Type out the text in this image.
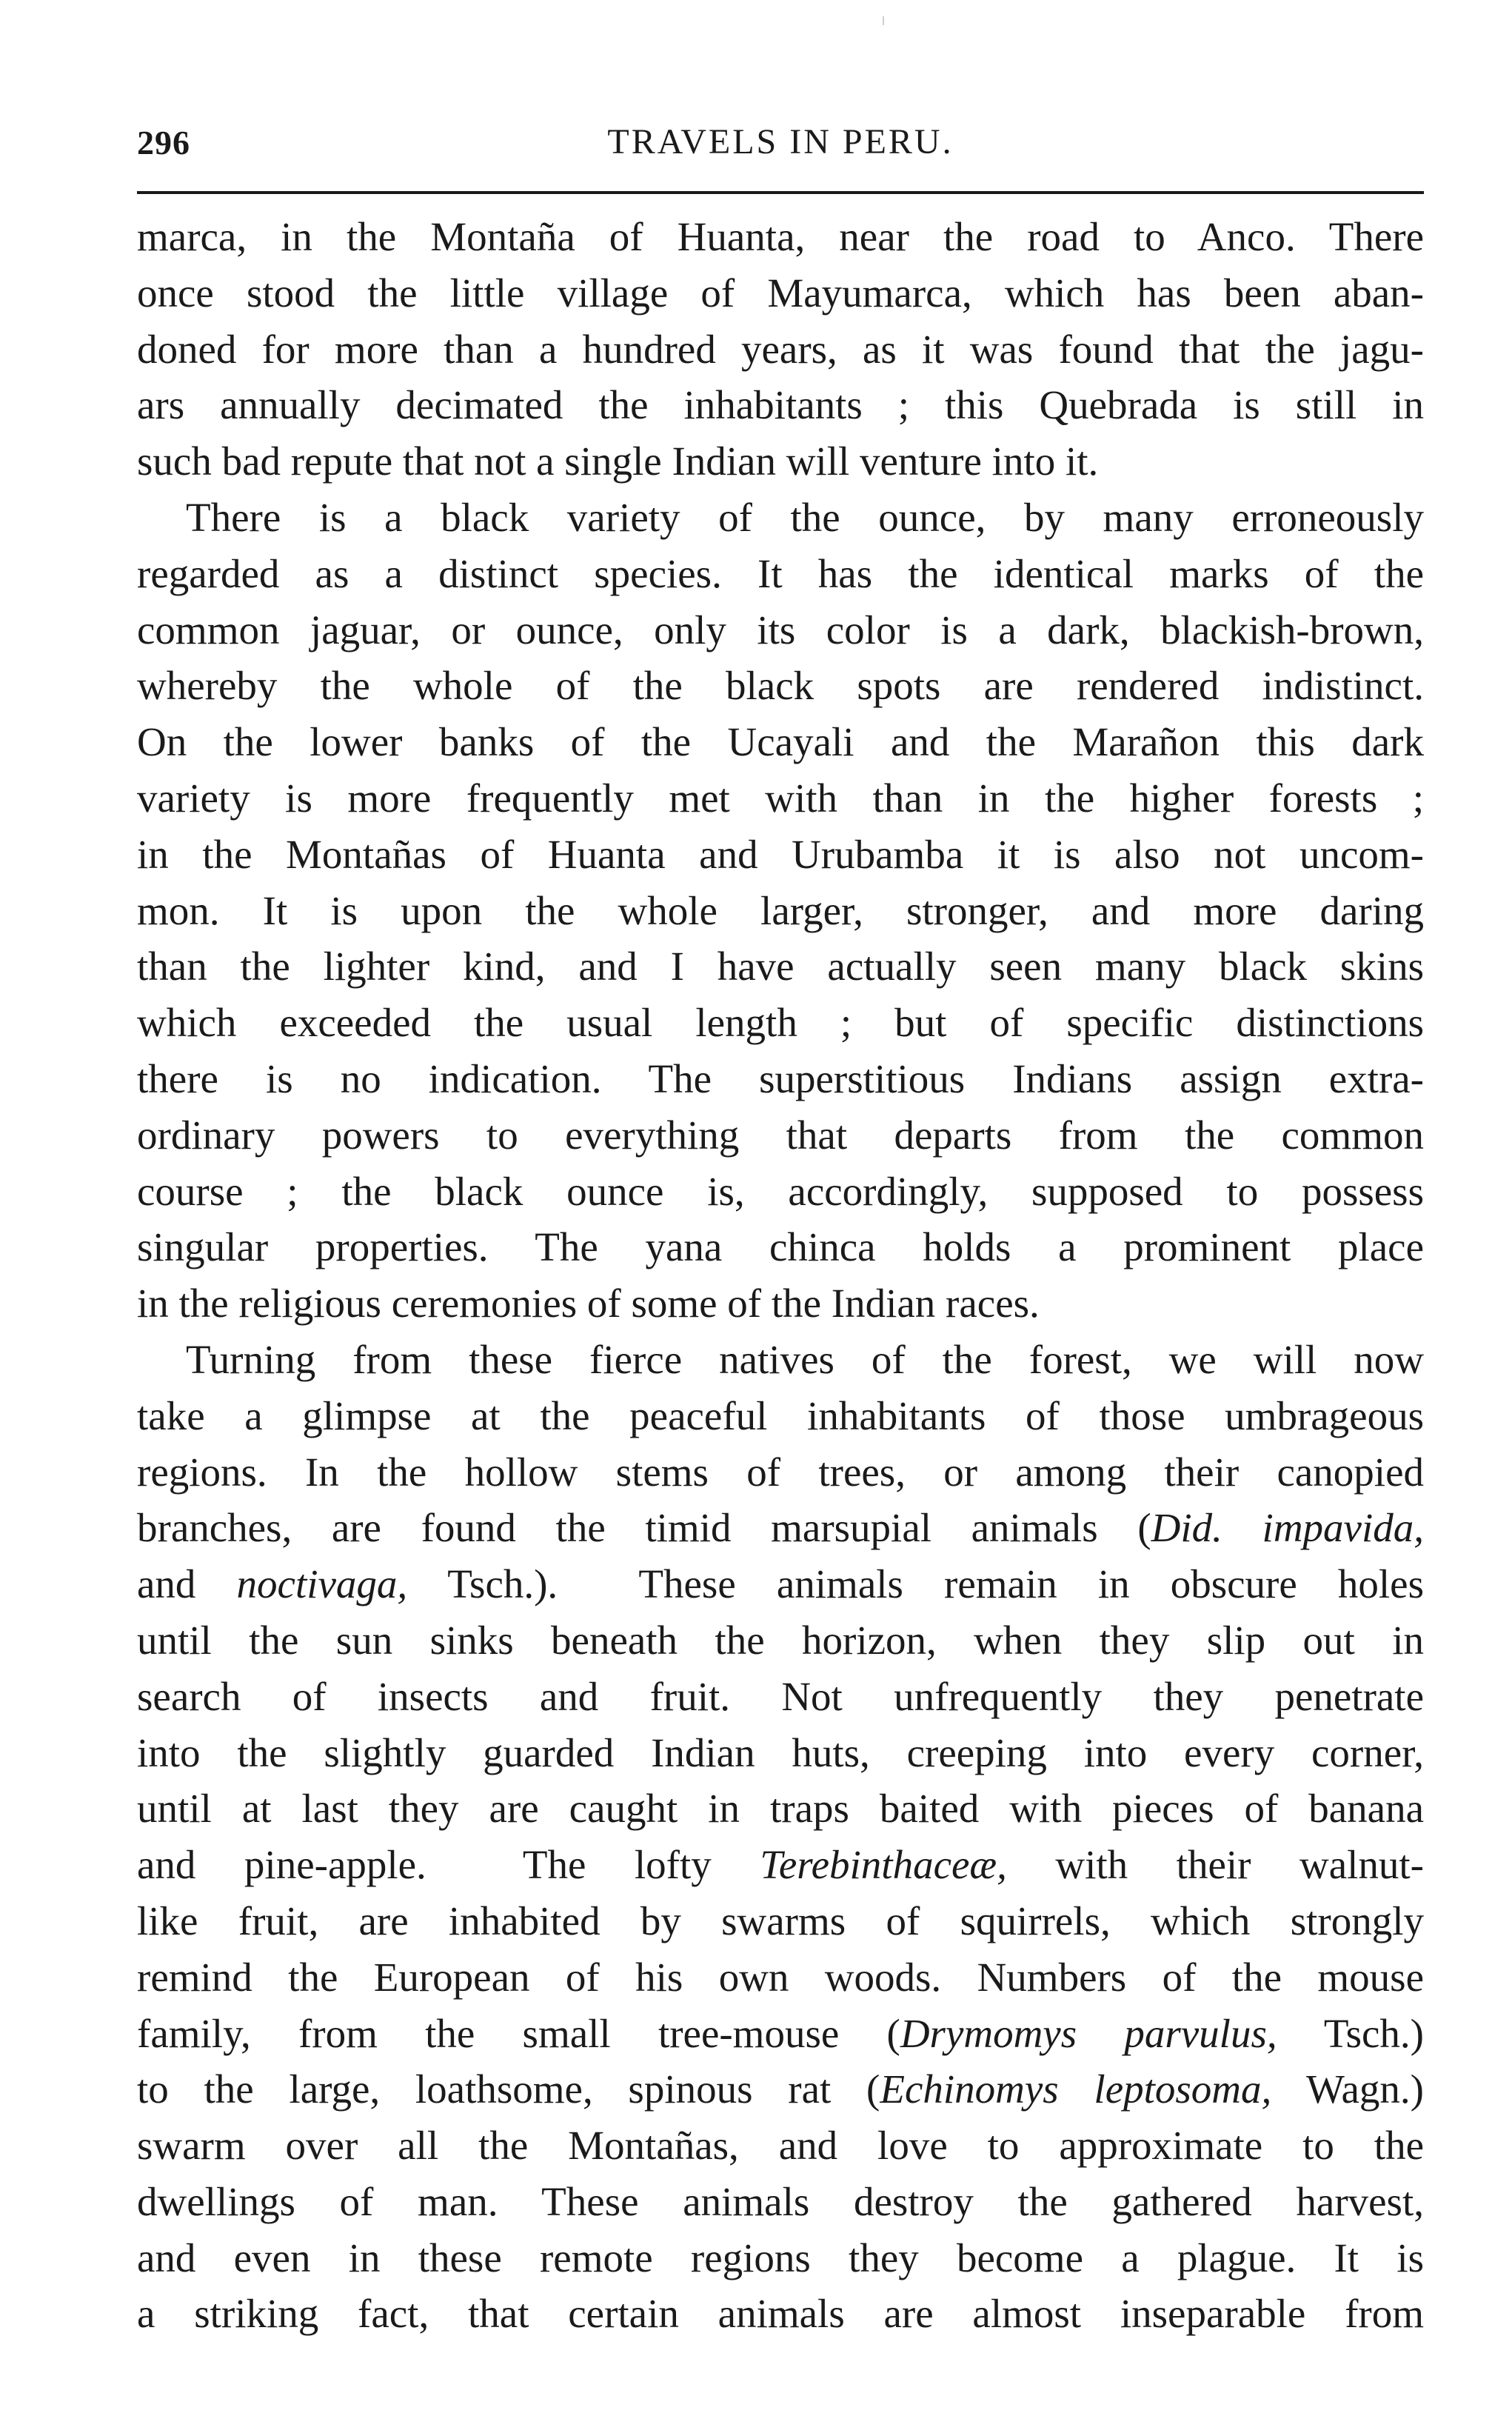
296	TRAVELS IN PERU.
marca, in the Montaña of Huanta, near the road to Anco. There
once stood the little village of Mayumarca, which has been aban-
doned for more than a hundred years, as it was found that the jagu-
ars annually decimated the inhabitants ; this Quebrada is still in
such bad repute that not a single Indian will venture into it.
There is a black variety of the ounce, by many erroneously
regarded as a distinct species. It has the identical marks of the
common jaguar, or ounce, only its color is a dark, blackish-brown,
whereby the whole of the black spots are rendered indistinct.
On the lower banks of the Ucayali and the Marañon this dark
variety is more frequently met with than in the higher forests ;
in the Montañas of Huanta and Urubamba it is also not uncom-
mon. It is upon the whole larger, stronger, and more daring
than the lighter kind, and I have actually seen many black skins
which exceeded the usual length ; but of specific distinctions
there is no indication. The superstitious Indians assign extra-
ordinary powers to everything that departs from the common
course ; the black ounce is, accordingly, supposed to possess
singular properties. The yana chinca holds a prominent place
in the religious ceremonies of some of the Indian races.
Turning from these fierce natives of the forest, we will now
take a glimpse at the peaceful inhabitants of those umbrageous
regions. In the hollow stems of trees, or among their canopied
branches, are found the timid marsupial animals (Did. impavida,
and noctivaga, Tsch.).  These animals remain in obscure holes
until the sun sinks beneath the horizon, when they slip out in
search of insects and fruit. Not unfrequently they penetrate
into the slightly guarded Indian huts, creeping into every corner,
until at last they are caught in traps baited with pieces of banana
and pine-apple.  The lofty Terebinthaceæ, with their walnut-
like fruit, are inhabited by swarms of squirrels, which strongly
remind the European of his own woods. Numbers of the mouse
family, from the small tree-mouse (Drymomys parvulus, Tsch.)
to the large, loathsome, spinous rat (Echinomys leptosoma, Wagn.)
swarm over all the Montañas, and love to approximate to the
dwellings of man. These animals destroy the gathered harvest,
and even in these remote regions they become a plague. It is
a striking fact, that certain animals are almost inseparable from
